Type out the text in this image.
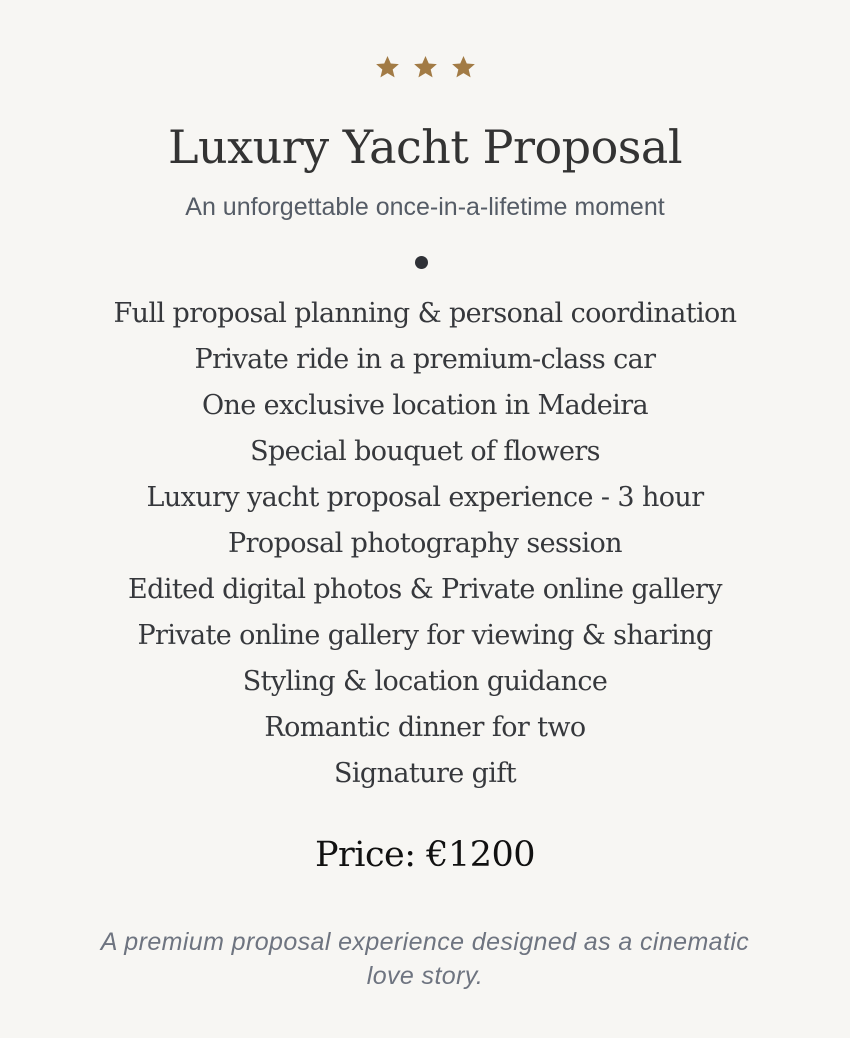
Luxury Yacht Proposal
An unforgettable once-in-a-lifetime moment
Full proposal planning & personal coordination
Private ride in a premium-class car
One exclusive location in Madeira
Special bouquet of flowers
Luxury yacht proposal experience - 3 hour
Proposal photography session
Edited digital photos & Private online gallery
Private online gallery for viewing & sharing
Styling & location guidance
Romantic dinner for two
Signature gift
Price: €1200
A premium proposal experience designed as a cinematic love story.
